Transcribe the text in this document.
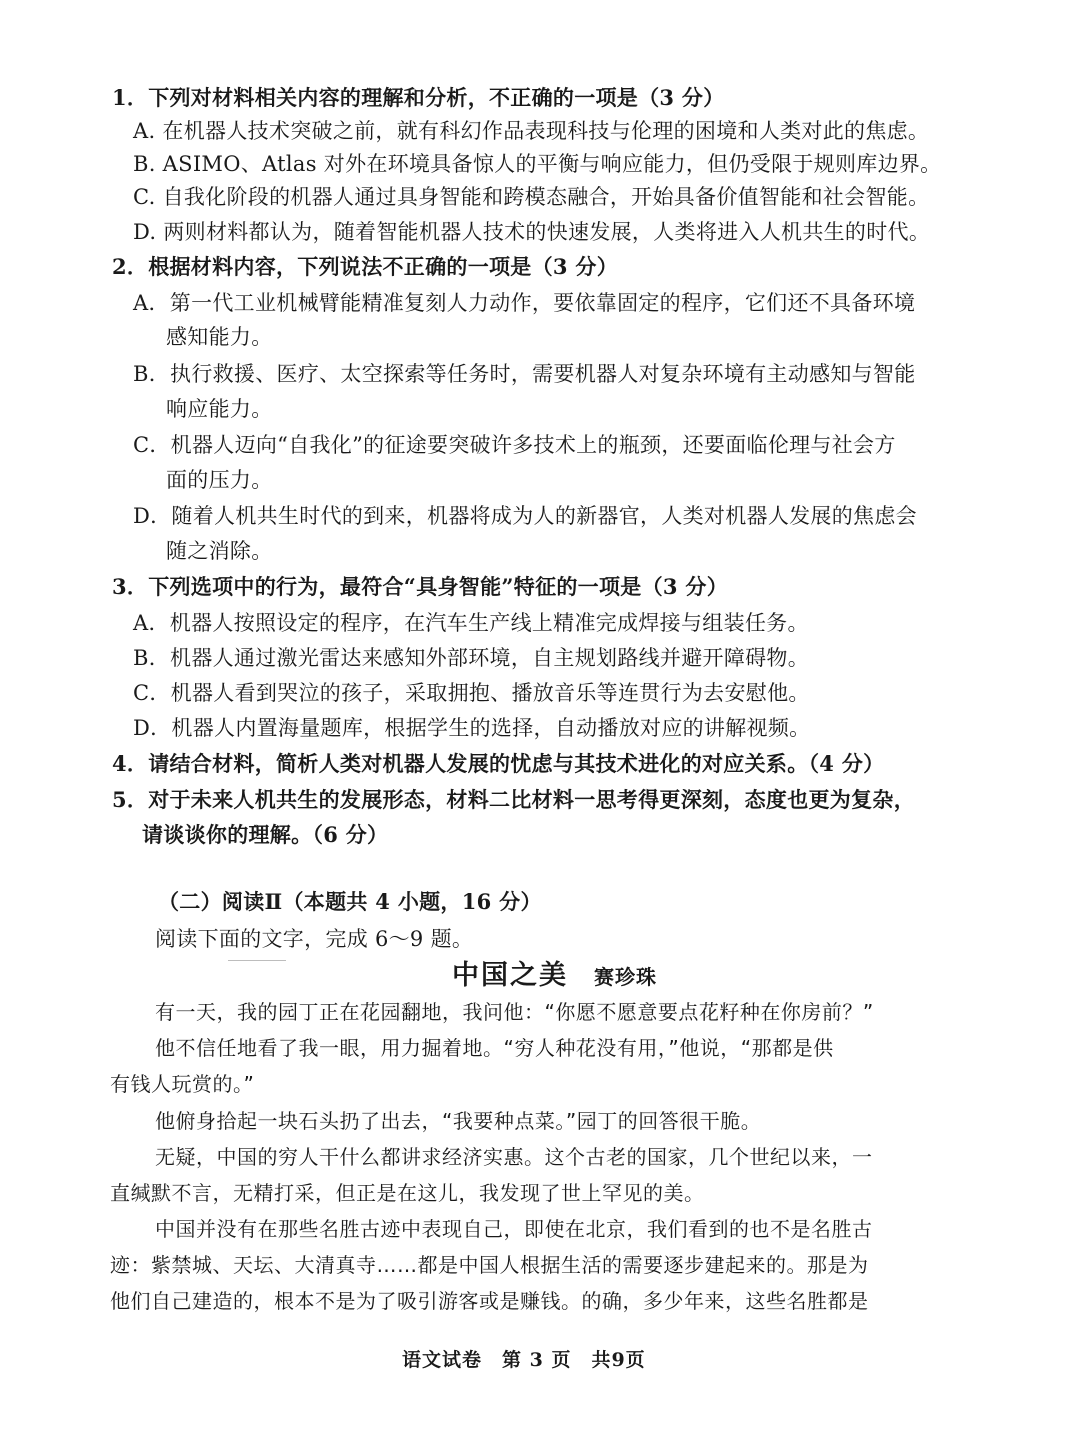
1．下列对材料相关内容的理解和分析，不正确的一项是（3 分）
A. 在机器人技术突破之前，就有科幻作品表现科技与伦理的困境和人类对此的焦虑。
B. ASIMO、Atlas 对外在环境具备惊人的平衡与响应能力，但仍受限于规则库边界。
C. 自我化阶段的机器人通过具身智能和跨模态融合，开始具备价值智能和社会智能。
D. 两则材料都认为，随着智能机器人技术的快速发展，人类将进入人机共生的时代。
2．根据材料内容，下列说法不正确的一项是（3 分）
A．第一代工业机械臂能精准复刻人力动作，要依靠固定的程序，它们还不具备环境
感知能力。
B．执行救援、医疗、太空探索等任务时，需要机器人对复杂环境有主动感知与智能
响应能力。
C．机器人迈向“自我化”的征途要突破许多技术上的瓶颈，还要面临伦理与社会方
面的压力。
D．随着人机共生时代的到来，机器将成为人的新器官，人类对机器人发展的焦虑会
随之消除。
3．下列选项中的行为，最符合“具身智能”特征的一项是（3 分）
A．机器人按照设定的程序，在汽车生产线上精准完成焊接与组装任务。
B．机器人通过激光雷达来感知外部环境，自主规划路线并避开障碍物。
C．机器人看到哭泣的孩子，采取拥抱、播放音乐等连贯行为去安慰他。
D．机器人内置海量题库，根据学生的选择，自动播放对应的讲解视频。
4．请结合材料，简析人类对机器人发展的忧虑与其技术进化的对应关系。（4 分）
5．对于未来人机共生的发展形态，材料二比材料一思考得更深刻，态度也更为复杂，
请谈谈你的理解。（6 分）
（二）阅读Ⅱ（本题共 4 小题，16 分）
阅读下面的文字，完成 6～9 题。
中国之美 赛珍珠
有一天，我的园丁正在花园翻地，我问他：“你愿不愿意要点花籽种在你房前？”
他不信任地看了我一眼，用力掘着地。“穷人种花没有用，”他说，“那都是供
有钱人玩赏的。”
他俯身拾起一块石头扔了出去，“我要种点菜。”园丁的回答很干脆。
无疑，中国的穷人干什么都讲求经济实惠。这个古老的国家，几个世纪以来，一
直缄默不言，无精打采，但正是在这儿，我发现了世上罕见的美。
中国并没有在那些名胜古迹中表现自己，即使在北京，我们看到的也不是名胜古
迹：紫禁城、天坛、大清真寺……都是中国人根据生活的需要逐步建起来的。那是为
他们自己建造的，根本不是为了吸引游客或是赚钱。的确，多少年来，这些名胜都是
语文试卷　第 3 页　共9页
